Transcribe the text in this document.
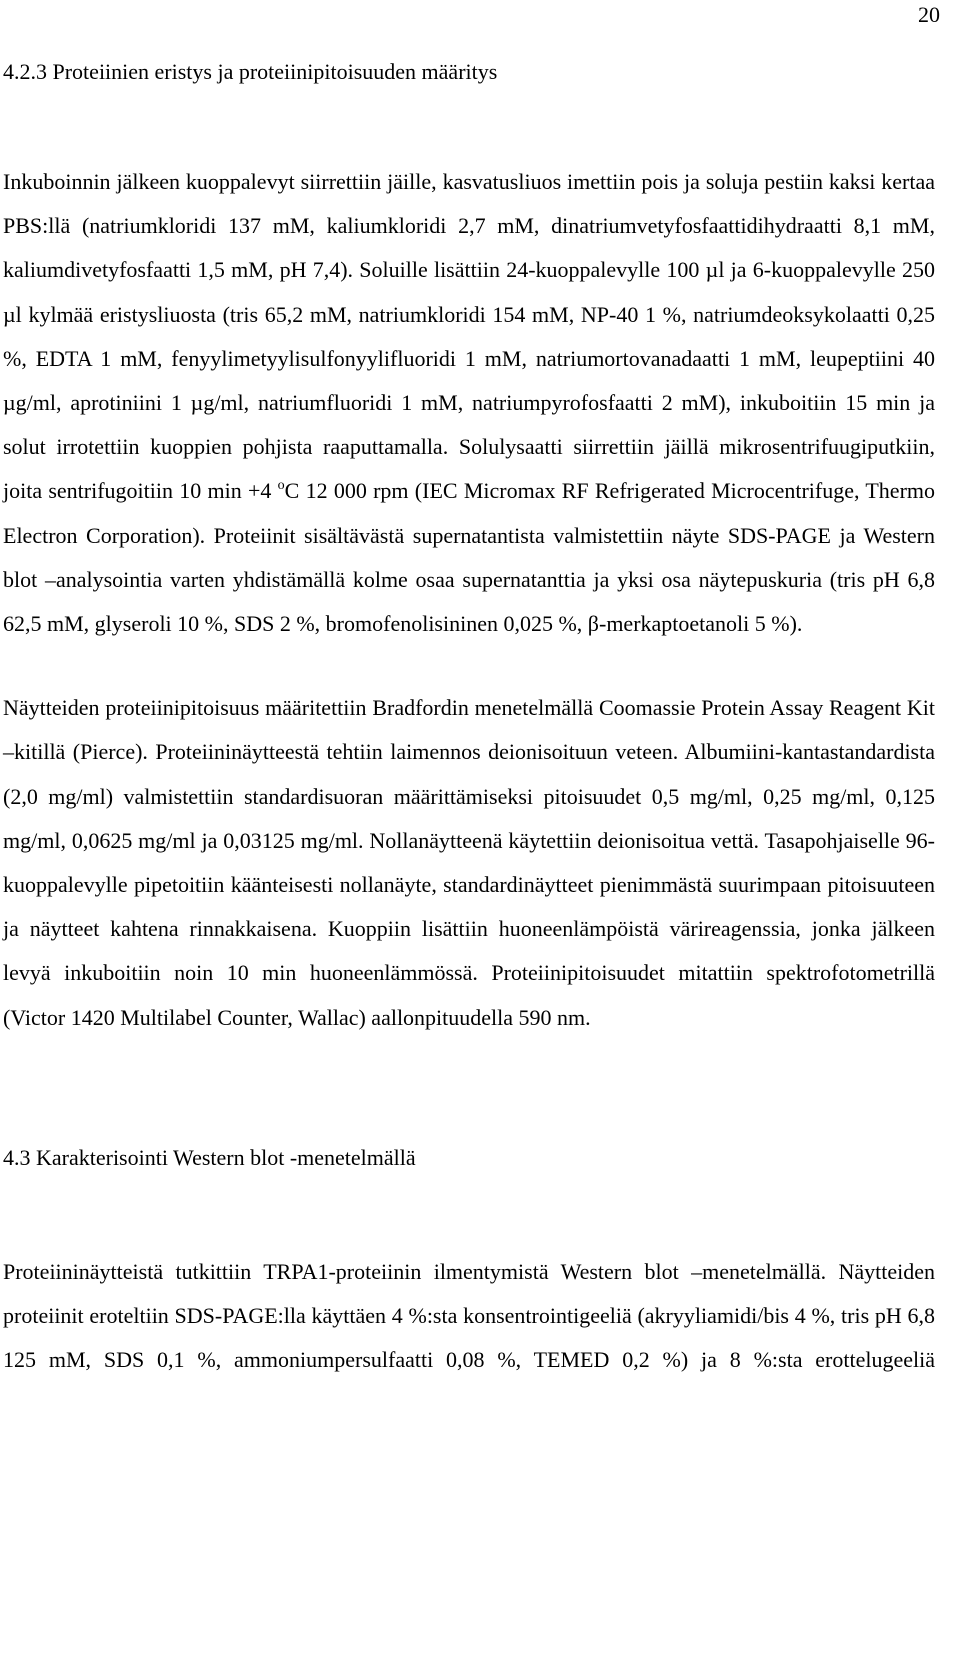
20
4.2.3 Proteiinien eristys ja proteiinipitoisuuden määritys

Inkuboinnin jälkeen kuoppalevyt siirrettiin jäille, kasvatusliuos imettiin pois ja soluja pestiin kaksi kertaa PBS:llä (natriumkloridi 137 mM, kaliumkloridi 2,7 mM, dinatriumvetyfosfaattidihydraatti 8,1 mM, kaliumdivetyfosfaatti 1,5 mM, pH 7,4). Soluille lisättiin 24-kuoppalevylle 100 µl ja 6-kuoppalevylle 250 µl kylmää eristysliuosta (tris 65,2 mM, natriumkloridi 154 mM, NP-40 1 %, natriumdeoksykolaatti 0,25 %, EDTA 1 mM, fenyylimetyylisulfonyylifluoridi 1 mM, natriumortovanadaatti 1 mM, leupeptiini 40 µg/ml, aprotiniini 1 µg/ml, natriumfluoridi 1 mM, natriumpyrofosfaatti 2 mM), inkuboitiin 15 min ja solut irrotettiin kuoppien pohjista raaputtamalla. Solulysaatti siirrettiin jäillä mikrosentrifuugiputkiin, joita sentrifugoitiin 10 min +4 $^o$C 12 000 rpm (IEC Micromax RF Refrigerated Microcentrifuge, Thermo Electron Corporation). Proteiinit sisältävästä supernatantista valmistettiin näyte SDS-PAGE ja Western blot –analysointia varten yhdistämällä kolme osaa supernatanttia ja yksi osa näytepuskuria (tris pH 6,8 62,5 mM, glyseroli 10 %, SDS 2 %, bromofenolisininen 0,025 %, β-merkaptoetanoli 5 %).

Näytteiden proteiinipitoisuus määritettiin Bradfordin menetelmällä Coomassie Protein Assay Reagent Kit –kitillä (Pierce). Proteiininäytteestä tehtiin laimennos deionisoituun veteen. Albumiini-kantastandardista (2,0 mg/ml) valmistettiin standardisuoran määrittämiseksi pitoisuudet 0,5 mg/ml, 0,25 mg/ml, 0,125 mg/ml, 0,0625 mg/ml ja 0,03125 mg/ml. Nollanäytteenä käytettiin deionisoitua vettä. Tasapohjaiselle 96-kuoppalevylle pipetoitiin käänteisesti nollanäyte, standardinäytteet pienimmästä suurimpaan pitoisuuteen ja näytteet kahtena rinnakkaisena. Kuoppiin lisättiin huoneenlämpöistä värireagenssia, jonka jälkeen levyä inkuboitiin noin 10 min huoneenlämmössä. Proteiinipitoisuudet mitattiin spektrofotometrillä (Victor 1420 Multilabel Counter, Wallac) aallonpituudella 590 nm.

4.3 Karakterisointi Western blot -menetelmällä

Proteiininäytteistä tutkittiin TRPA1-proteiinin ilmentymistä Western blot –menetelmällä. Näytteiden proteiinit eroteltiin SDS-PAGE:lla käyttäen 4 %:sta konsentrointigeeliä (akryyliamidi/bis 4 %, tris pH 6,8 125 mM, SDS 0,1 %, ammoniumpersulfaatti 0,08 %, TEMED 0,2 %) ja 8 %:sta erottelugeeliä
